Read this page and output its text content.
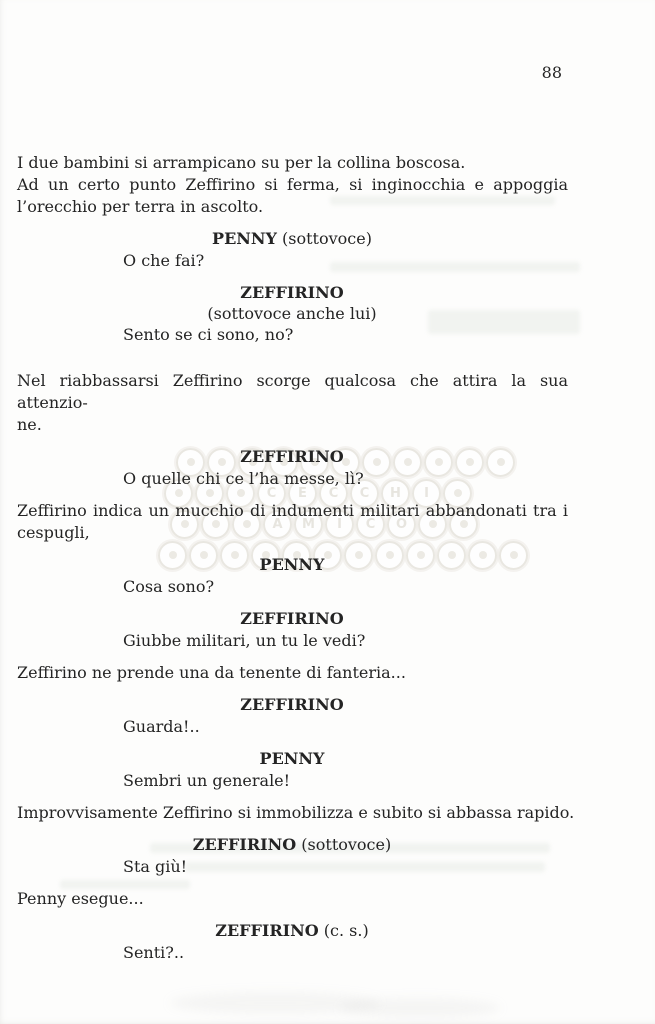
C E C C H I
A M I C O
88
I due bambini si arrampicano su per la collina boscosa.
Ad un certo punto Zeffirino si ferma, si inginocchia e appoggia
l’orecchio per terra in ascolto.
PENNY (sottovoce)
O che fai?
ZEFFIRINO
(sottovoce anche lui)
Sento se ci sono, no?
Nel riabbassarsi Zeffirino scorge qualcosa che attira la sua attenzio-
ne.
ZEFFIRINO
O quelle chi ce l’ha messe, lì?
Zeffirino indica un mucchio di indumenti militari abbandonati tra i
cespugli,
PENNY
Cosa sono?
ZEFFIRINO
Giubbe militari, un tu le vedi?
Zeffirino ne prende una da tenente di fanteria...
ZEFFIRINO
Guarda!..
PENNY
Sembri un generale!
Improvvisamente Zeffirino si immobilizza e subito si abbassa rapido.
ZEFFIRINO (sottovoce)
Sta giù!
Penny esegue...
ZEFFIRINO (c. s.)
Senti?..
